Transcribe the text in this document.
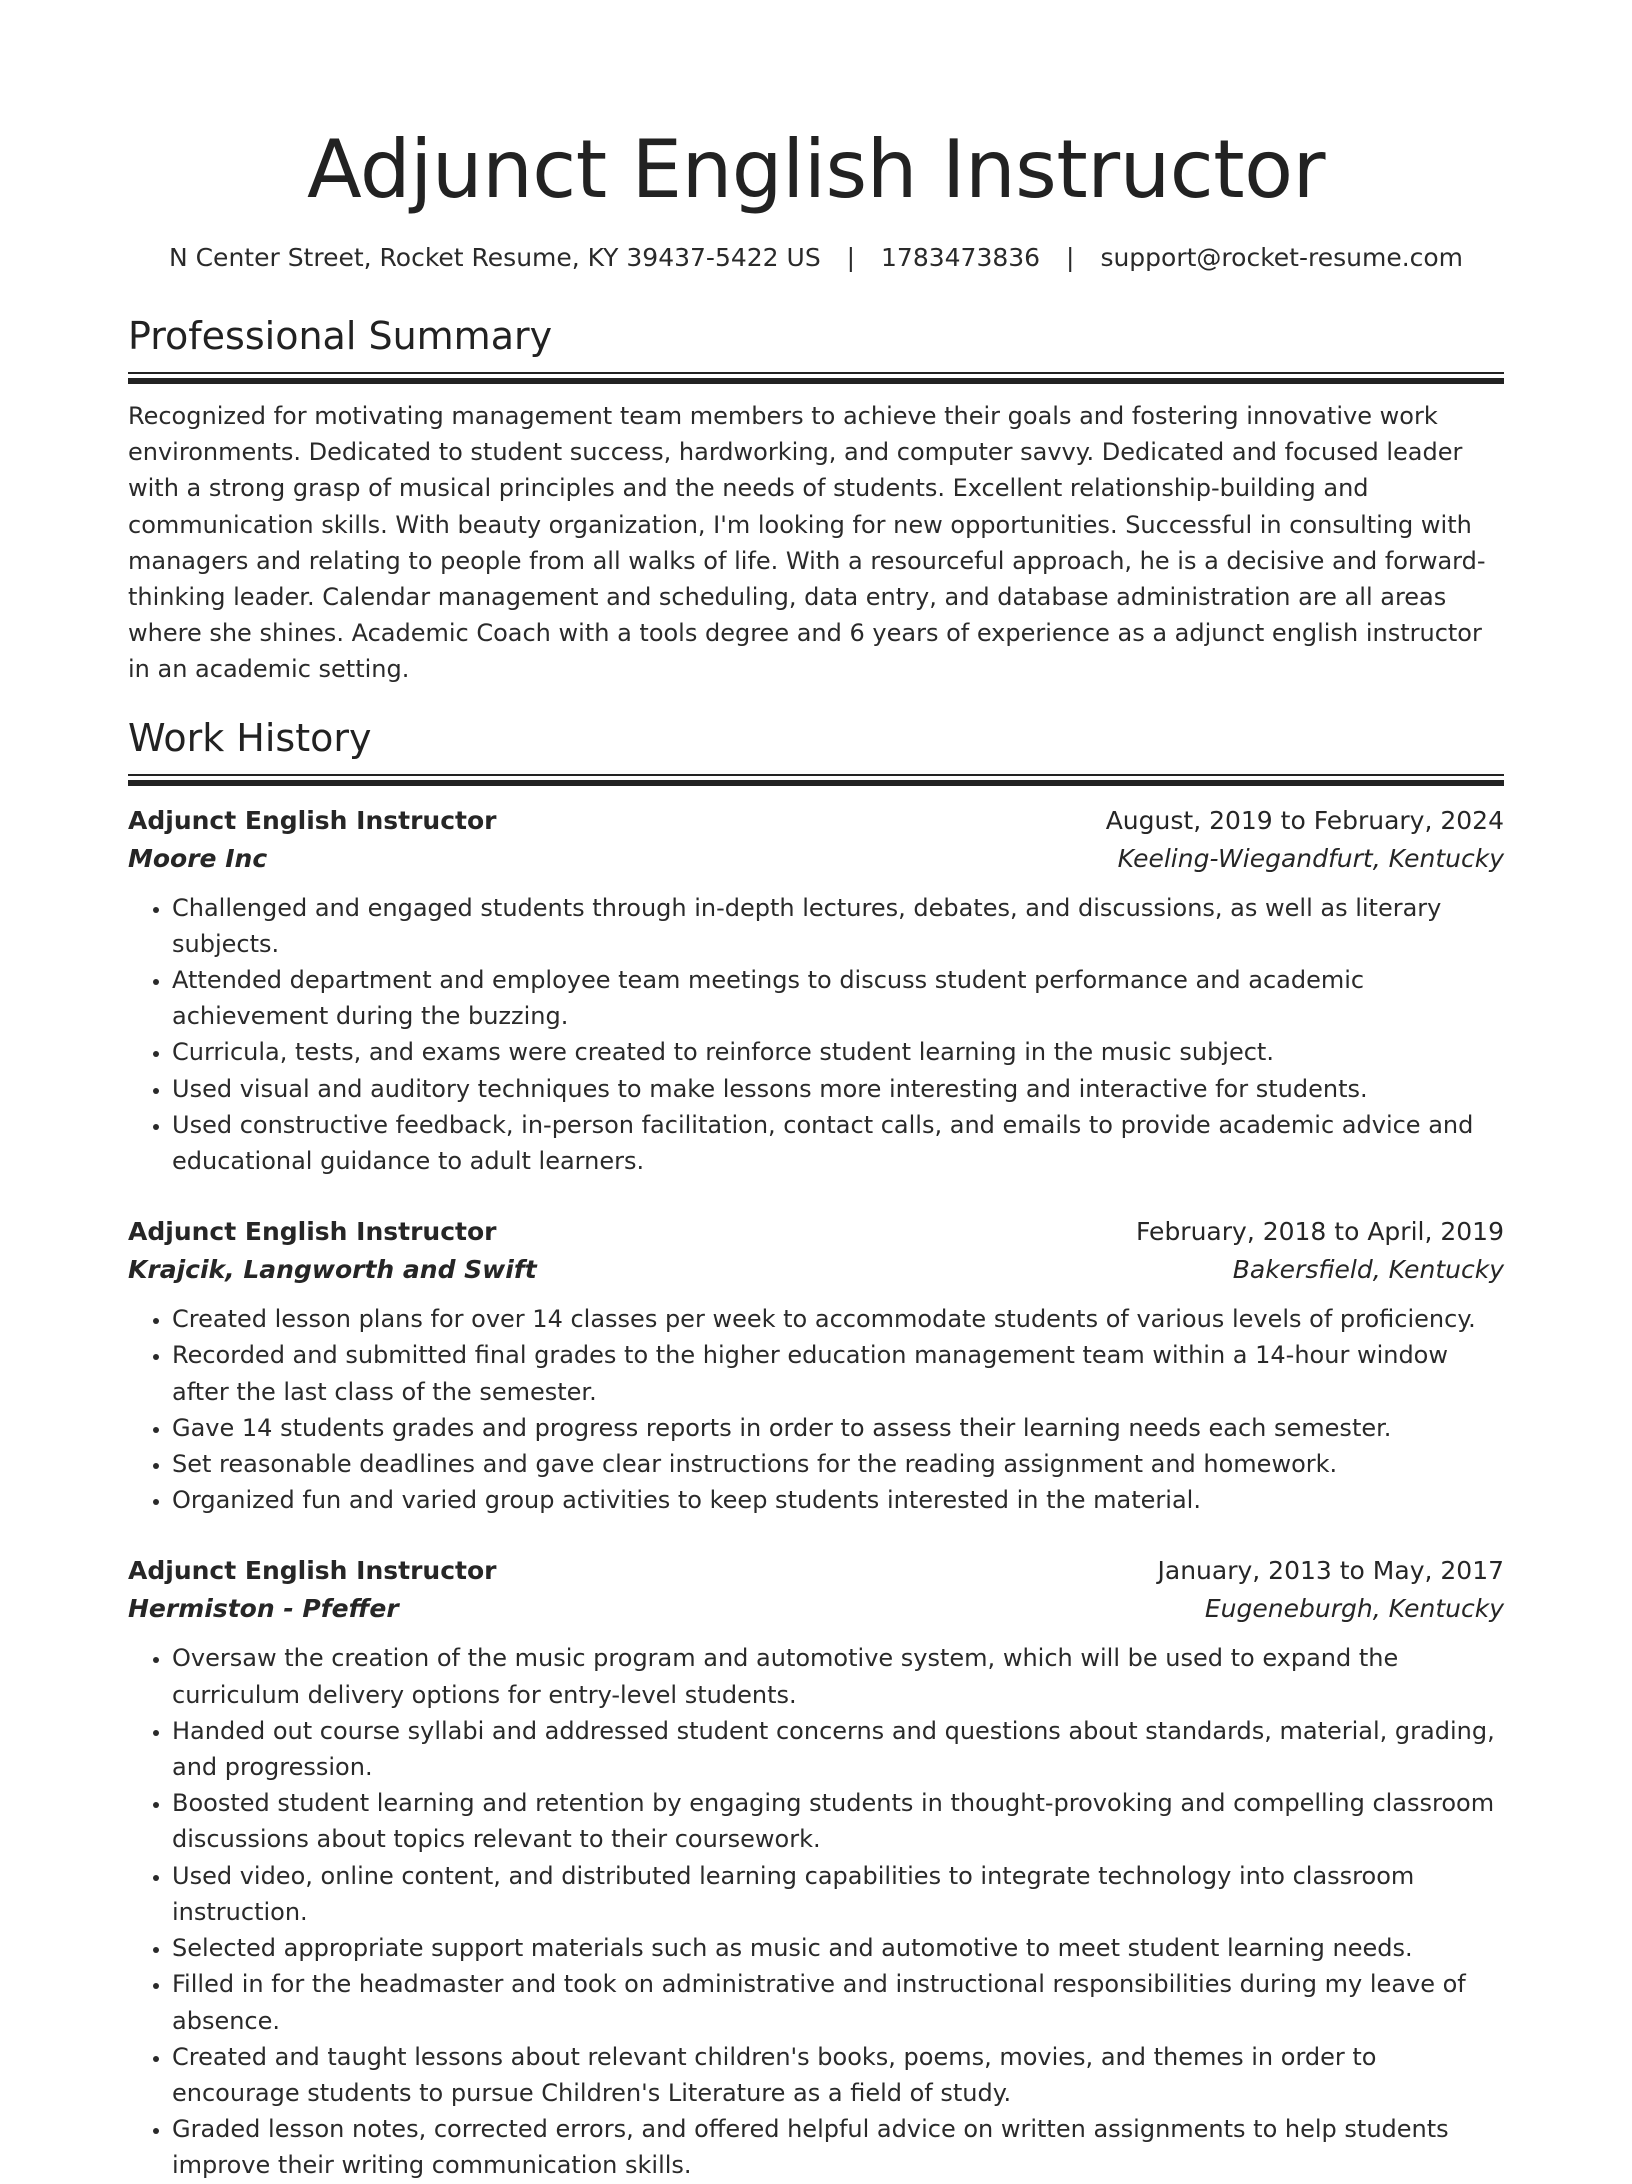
Adjunct English Instructor
N Center Street, Rocket Resume, KY 39437-5422 US | 1783473836 | support@rocket-resume.com
Professional Summary

Recognized for motivating management team members to achieve their goals and fostering innovative work environments. Dedicated to student success, hardworking, and computer savvy. Dedicated and focused leader with a strong grasp of musical principles and the needs of students. Excellent relationship-building and communication skills. With beauty organization, I'm looking for new opportunities. Successful in consulting with managers and relating to people from all walks of life. With a resourceful approach, he is a decisive and forward-thinking leader. Calendar management and scheduling, data entry, and database administration are all areas where she shines. Academic Coach with a tools degree and 6 years of experience as a adjunct english instructor in an academic setting.

Work History
Adjunct English Instructor	August, 2019 to February, 2024
Moore Inc	Keeling-Wiegandfurt, Kentucky
• Challenged and engaged students through in-depth lectures, debates, and discussions, as well as literary subjects.
• Attended department and employee team meetings to discuss student performance and academic achievement during the buzzing.
• Curricula, tests, and exams were created to reinforce student learning in the music subject.
• Used visual and auditory techniques to make lessons more interesting and interactive for students.
• Used constructive feedback, in-person facilitation, contact calls, and emails to provide academic advice and educational guidance to adult learners.
Adjunct English Instructor	February, 2018 to April, 2019
Krajcik, Langworth and Swift	Bakersfield, Kentucky
• Created lesson plans for over 14 classes per week to accommodate students of various levels of proficiency.
• Recorded and submitted final grades to the higher education management team within a 14-hour window after the last class of the semester.
• Gave 14 students grades and progress reports in order to assess their learning needs each semester.
• Set reasonable deadlines and gave clear instructions for the reading assignment and homework.
• Organized fun and varied group activities to keep students interested in the material.
Adjunct English Instructor	January, 2013 to May, 2017
Hermiston - Pfeffer	Eugeneburgh, Kentucky
• Oversaw the creation of the music program and automotive system, which will be used to expand the curriculum delivery options for entry-level students.
• Handed out course syllabi and addressed student concerns and questions about standards, material, grading, and progression.
• Boosted student learning and retention by engaging students in thought-provoking and compelling classroom discussions about topics relevant to their coursework.
• Used video, online content, and distributed learning capabilities to integrate technology into classroom instruction.
• Selected appropriate support materials such as music and automotive to meet student learning needs.
• Filled in for the headmaster and took on administrative and instructional responsibilities during my leave of absence.
• Created and taught lessons about relevant children's books, poems, movies, and themes in order to encourage students to pursue Children's Literature as a field of study.
• Graded lesson notes, corrected errors, and offered helpful advice on written assignments to help students improve their writing communication skills.
